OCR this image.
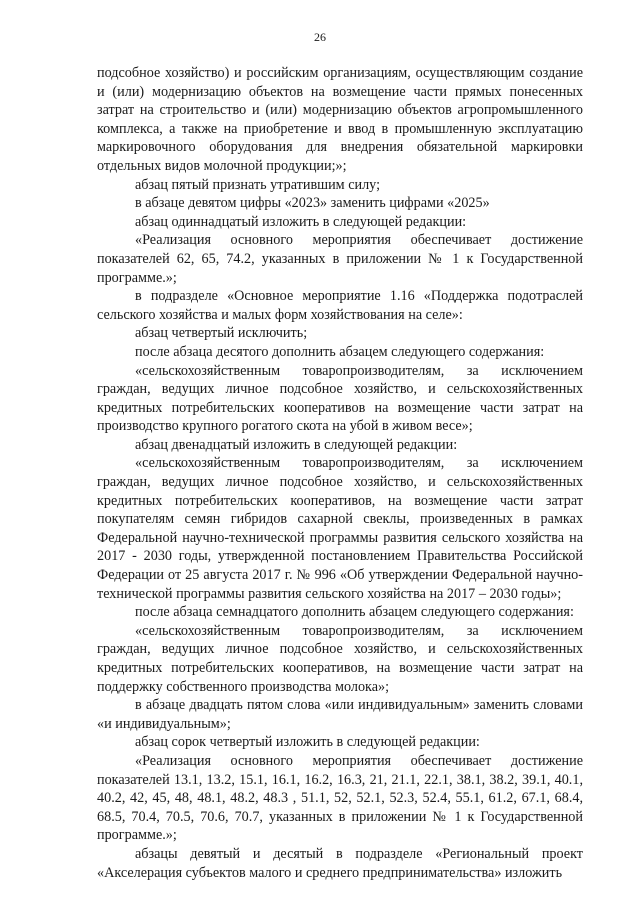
26

подсобное хозяйство) и российским организациям, осуществляющим создание и (или) модернизацию объектов на возмещение части прямых понесенных затрат на строительство и (или) модернизацию объектов агропромышленного комплекса, а также на приобретение и ввод в промышленную эксплуатацию маркировочного оборудования для внедрения обязательной маркировки отдельных видов молочной продукции;»;

абзац пятый признать утратившим силу;

в абзаце девятом цифры «2023» заменить цифрами «2025»

абзац одиннадцатый изложить в следующей редакции:

«Реализация основного мероприятия обеспечивает достижение показателей 62, 65, 74.2, указанных в приложении № 1 к Государственной программе.»;

в подразделе «Основное мероприятие 1.16 «Поддержка подотраслей сельского хозяйства и малых форм хозяйствования на селе»:

абзац четвертый исключить;

после абзаца десятого дополнить абзацем следующего содержания:

«сельскохозяйственным товаропроизводителям, за исключением граждан, ведущих личное подсобное хозяйство, и сельскохозяйственных кредитных потребительских кооперативов на возмещение части затрат на производство крупного рогатого скота на убой в живом весе»;

абзац двенадцатый изложить в следующей редакции:

«сельскохозяйственным товаропроизводителям, за исключением граждан, ведущих личное подсобное хозяйство, и сельскохозяйственных кредитных потребительских кооперативов, на возмещение части затрат покупателям семян гибридов сахарной свеклы, произведенных в рамках Федеральной научно-технической программы развития сельского хозяйства на 2017 - 2030 годы, утвержденной постановлением Правительства Российской Федерации от 25 августа 2017 г. № 996 «Об утверждении Федеральной научно-технической программы развития сельского хозяйства на 2017 – 2030 годы»;

после абзаца семнадцатого дополнить абзацем следующего содержания:

«сельскохозяйственным товаропроизводителям, за исключением граждан, ведущих личное подсобное хозяйство, и сельскохозяйственных кредитных потребительских кооперативов, на возмещение части затрат на поддержку собственного производства молока»;

в абзаце двадцать пятом слова «или индивидуальным» заменить словами «и индивидуальным»;

абзац сорок четвертый изложить в следующей редакции:

«Реализация основного мероприятия обеспечивает достижение показателей 13.1, 13.2, 15.1, 16.1, 16.2, 16.3, 21, 21.1, 22.1, 38.1, 38.2, 39.1, 40.1, 40.2, 42, 45, 48, 48.1, 48.2, 48.3 , 51.1, 52, 52.1, 52.3, 52.4, 55.1, 61.2, 67.1, 68.4, 68.5, 70.4, 70.5, 70.6, 70.7, указанных в приложении № 1 к Государственной программе.»;

абзацы девятый и десятый в подразделе «Региональный проект «Акселерация субъектов малого и среднего предпринимательства» изложить
